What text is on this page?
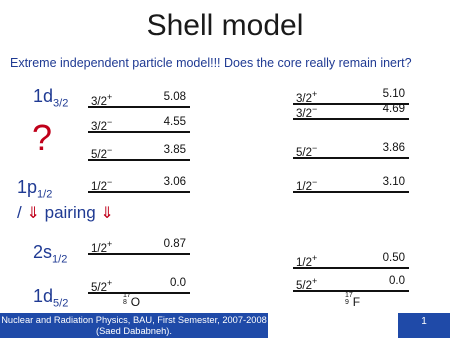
Shell model
Extreme independent particle model!!! Does the core really remain inert?
$1d_{3/2}$
$1p_{1/2}$
$2s_{1/2}$
$1d_{5/2}$
?
/ ⇓ pairing ⇓
3/2+	5.08
3/2−	4.55
5/2−	3.85
1/2−	3.06
1/2+	0.87
5/2+	0.0
17
8 O
3/2+	5.10
3/2−	4.69
5/2−	3.86
1/2−	3.10
1/2+	0.50
5/2+	0.0
17
9 F
Nuclear and Radiation Physics, BAU, First Semester, 2007-2008 (Saed Dababneh).
1
